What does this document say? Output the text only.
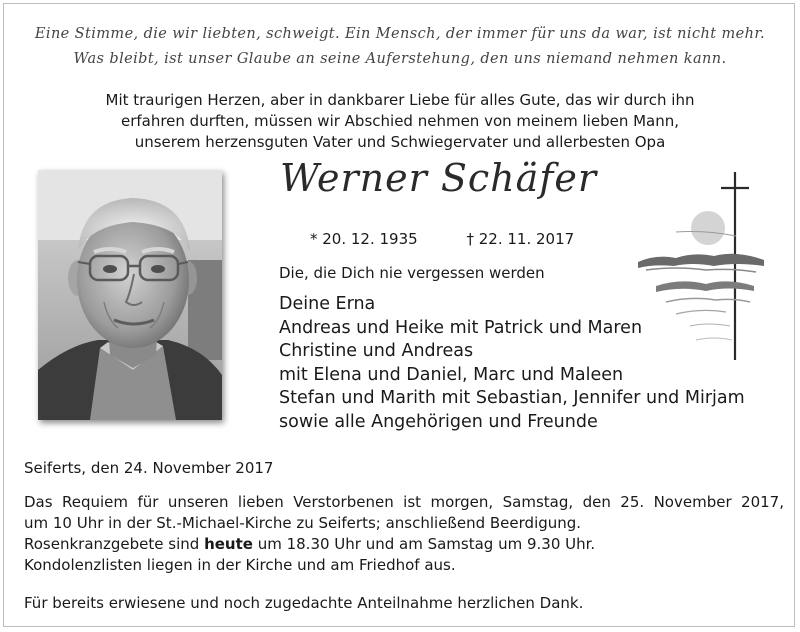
Eine Stimme, die wir liebten, schweigt. Ein Mensch, der immer für uns da war, ist nicht mehr.
Was bleibt, ist unser Glaube an seine Auferstehung, den uns niemand nehmen kann.
Mit traurigen Herzen, aber in dankbarer Liebe für alles Gute, das wir durch ihn
erfahren durften, müssen wir Abschied nehmen von meinem lieben Mann,
unserem herzensguten Vater und Schwiegervater und allerbesten Opa
Werner Schäfer
* 20. 12. 1935	† 22. 11. 2017
Die, die Dich nie vergessen werden
Deine Erna
Andreas und Heike mit Patrick und Maren
Christine und Andreas
mit Elena und Daniel, Marc und Maleen
Stefan und Marith mit Sebastian, Jennifer und Mirjam
sowie alle Angehörigen und Freunde
Seiferts, den 24. November 2017
Das Requiem für unseren lieben Verstorbenen ist morgen, Samstag, den 25. November 2017,
um 10 Uhr in der St.-Michael-Kirche zu Seiferts; anschließend Beerdigung.
Rosenkranzgebete sind heute um 18.30 Uhr und am Samstag um 9.30 Uhr.
Kondolenzlisten liegen in der Kirche und am Friedhof aus.
Für bereits erwiesene und noch zugedachte Anteilnahme herzlichen Dank.
